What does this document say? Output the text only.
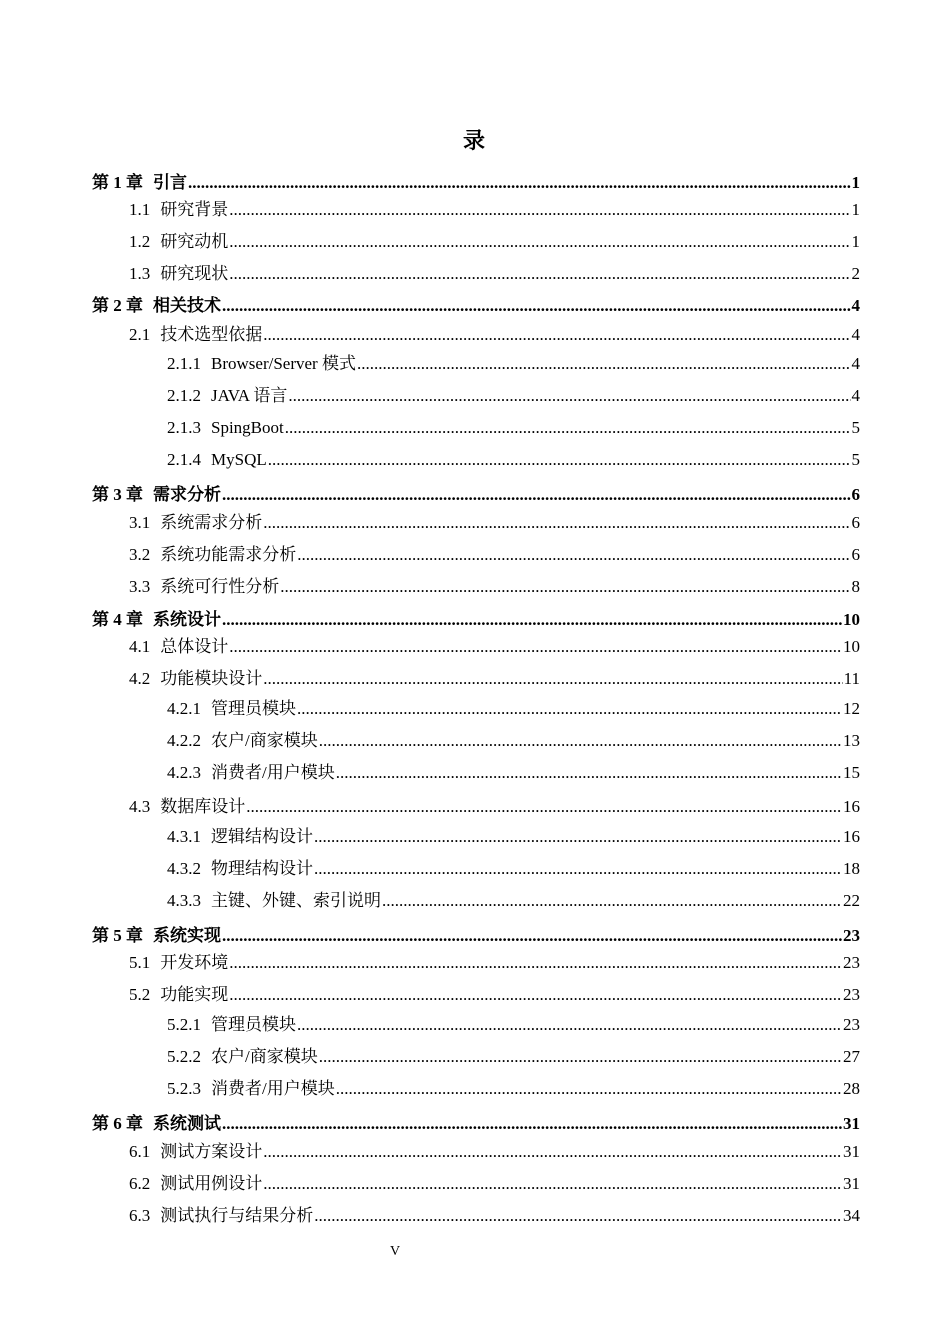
录
第 1 章 引言 .....	1
1.1 研究背景 .....	1
1.2 研究动机 .....	1
1.3 研究现状 .....	2
第 2 章 相关技术 .....	4
2.1 技术选型依据 .....	4
2.1.1 Browser/Server 模式 .....	4
2.1.2 JAVA 语言 .....	4
2.1.3 SpingBoot .....	5
2.1.4 MySQL .....	5
第 3 章 需求分析 .....	6
3.1 系统需求分析 .....	6
3.2 系统功能需求分析 .....	6
3.3 系统可行性分析 .....	8
第 4 章 系统设计 .....	10
4.1 总体设计 .....	10
4.2 功能模块设计 .....	11
4.2.1 管理员模块 .....	12
4.2.2 农户/商家模块 .....	13
4.2.3 消费者/用户模块 .....	15
4.3 数据库设计 .....	16
4.3.1 逻辑结构设计 .....	16
4.3.2 物理结构设计 .....	18
4.3.3 主键、外键、索引说明 .....	22
第 5 章 系统实现 .....	23
5.1 开发环境 .....	23
5.2 功能实现 .....	23
5.2.1 管理员模块 .....	23
5.2.2 农户/商家模块 .....	27
5.2.3 消费者/用户模块 .....	28
第 6 章 系统测试 .....	31
6.1 测试方案设计 .....	31
6.2 测试用例设计 .....	31
6.3 测试执行与结果分析 .....	34
V
